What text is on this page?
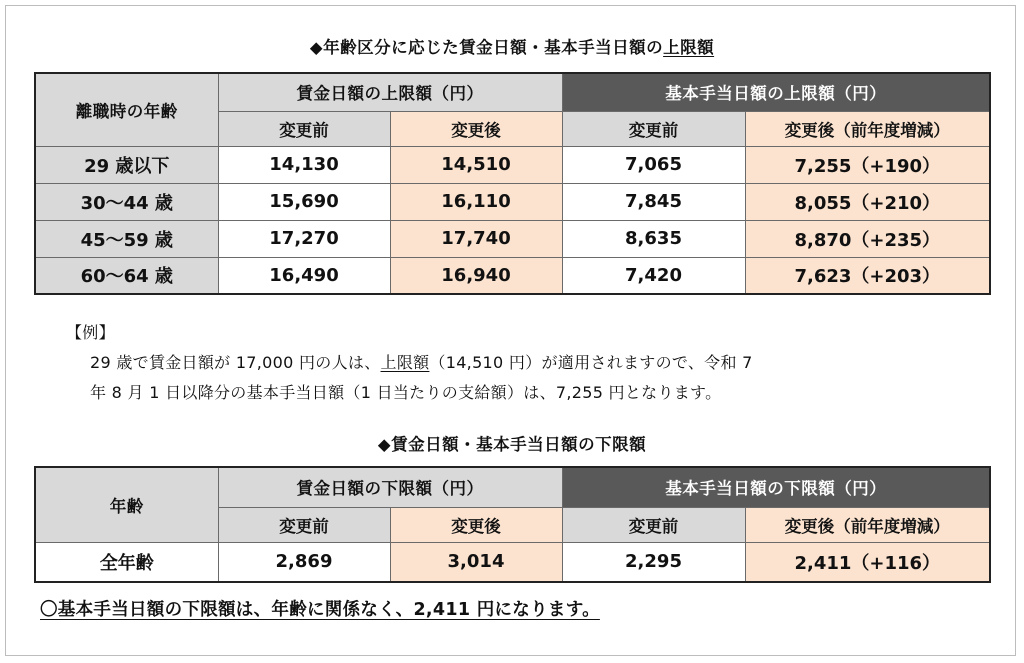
◆年齢区分に応じた賃金日額・基本手当日額の上限額
離職時の年齢	賃金日額の上限額（円）		基本手当日額の上限額（円）	
	変更前	変更後	変更前	変更後（前年度増減）
29 歳以下	14,130	14,510	7,065	7,255（+190）
30〜44 歳	15,690	16,110	7,845	8,055（+210）
45〜59 歳	17,270	17,740	8,635	8,870（+235）
60〜64 歳	16,490	16,940	7,420	7,623（+203）
【例】
29 歳で賃金日額が 17,000 円の人は、上限額（14,510 円）が適用されますので、令和 7
年 8 月 1 日以降分の基本手当日額（1 日当たりの支給額）は、7,255 円となります。
◆賃金日額・基本手当日額の下限額
年齢	賃金日額の下限額（円）		基本手当日額の下限額（円）	
	変更前	変更後	変更前	変更後（前年度増減）
全年齢	2,869	3,014	2,295	2,411（+116）
〇基本手当日額の下限額は、年齢に関係なく、2,411 円になります。
